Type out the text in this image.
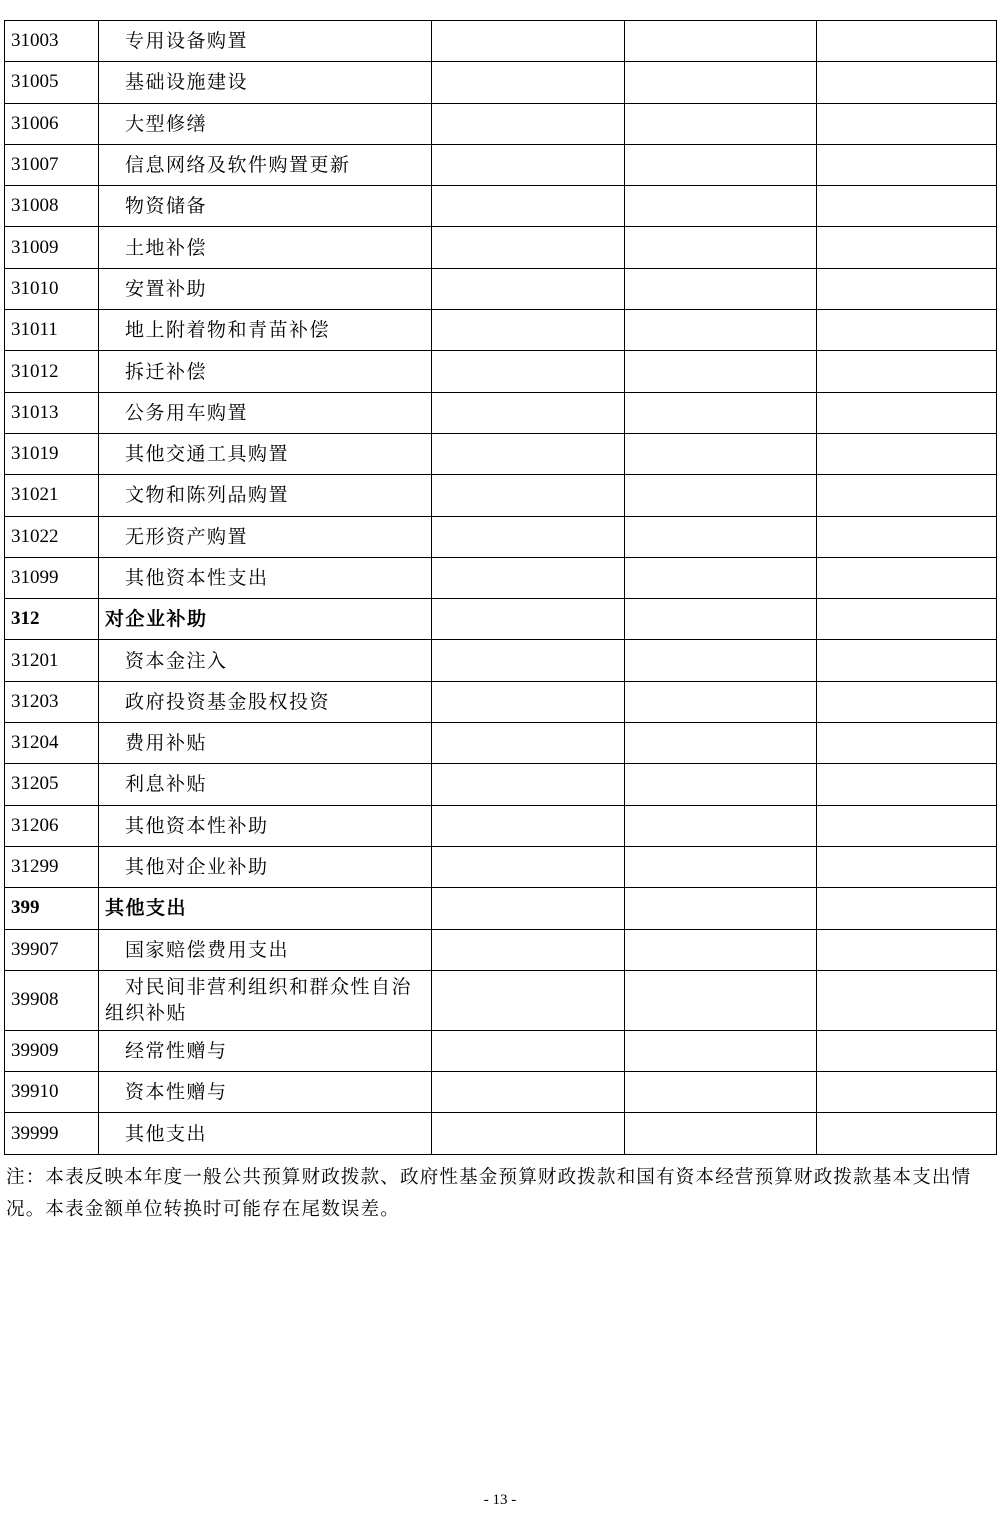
31003	专用设备购置			
31005	基础设施建设			
31006	大型修缮			
31007	信息网络及软件购置更新			
31008	物资储备			
31009	土地补偿			
31010	安置补助			
31011	地上附着物和青苗补偿			
31012	拆迁补偿			
31013	公务用车购置			
31019	其他交通工具购置			
31021	文物和陈列品购置			
31022	无形资产购置			
31099	其他资本性支出			
312	对企业补助			
31201	资本金注入			
31203	政府投资基金股权投资			
31204	费用补贴			
31205	利息补贴			
31206	其他资本性补助			
31299	其他对企业补助			
399	其他支出			
39907	国家赔偿费用支出			
39908	对民间非营利组织和群众性自治
组织补贴			
39909	经常性赠与			
39910	资本性赠与			
39999	其他支出			

注：本表反映本年度一般公共预算财政拨款、政府性基金预算财政拨款和国有资本经营预算财政拨款基本支出情况。本表金额单位转换时可能存在尾数误差。

- 13 -
